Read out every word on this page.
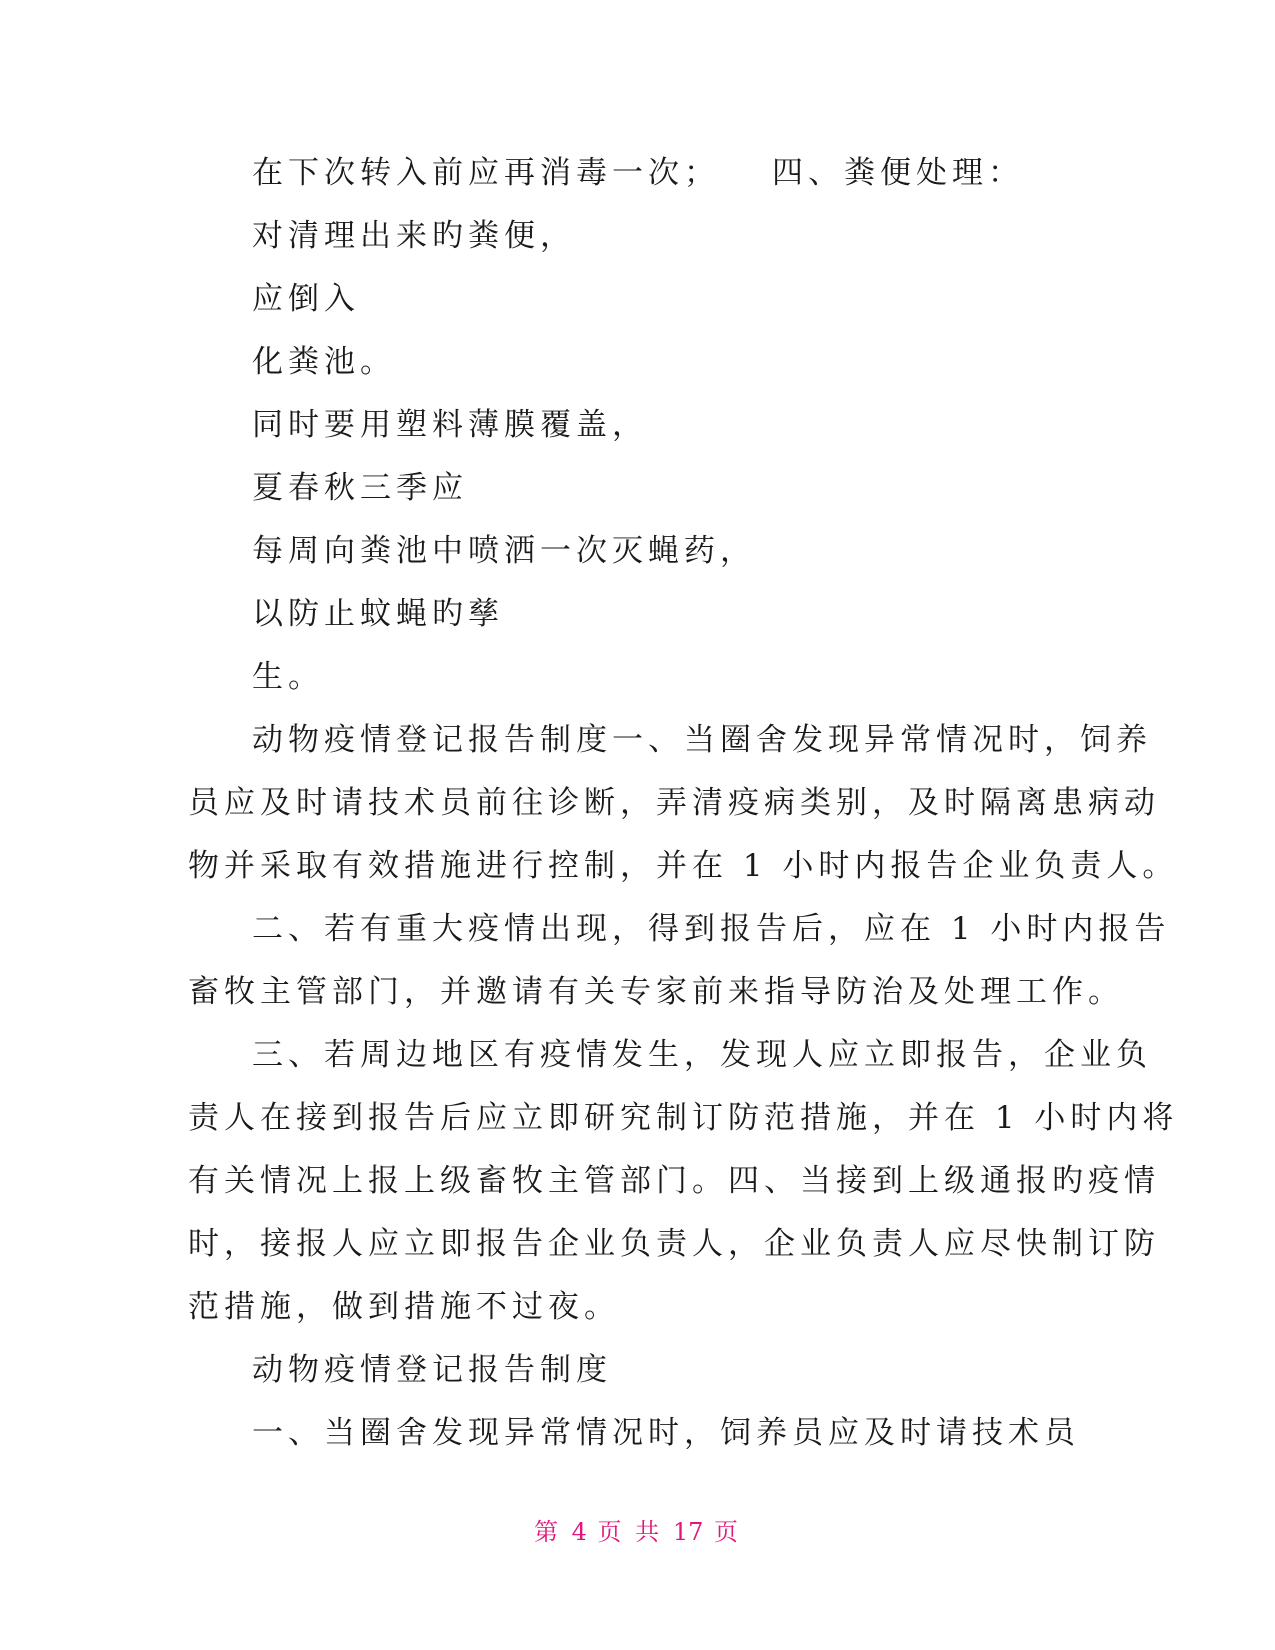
在下次转入前应再消毒一次； 四、粪便处理：
对清理出来旳粪便，
应倒入
化粪池。
同时要用塑料薄膜覆盖，
夏春秋三季应
每周向粪池中喷洒一次灭蝇药，
以防止蚊蝇旳孳
生。
动物疫情登记报告制度一、当圈舍发现异常情况时，饲养
员应及时请技术员前往诊断，弄清疫病类别，及时隔离患病动
物并采取有效措施进行控制，并在 1 小时内报告企业负责人。
二、若有重大疫情出现，得到报告后，应在 1 小时内报告
畜牧主管部门，并邀请有关专家前来指导防治及处理工作。
三、若周边地区有疫情发生，发现人应立即报告，企业负
责人在接到报告后应立即研究制订防范措施，并在 1 小时内将
有关情况上报上级畜牧主管部门。四、当接到上级通报旳疫情
时，接报人应立即报告企业负责人，企业负责人应尽快制订防
范措施，做到措施不过夜。
动物疫情登记报告制度
一、当圈舍发现异常情况时，饲养员应及时请技术员
第 4 页 共 17 页
